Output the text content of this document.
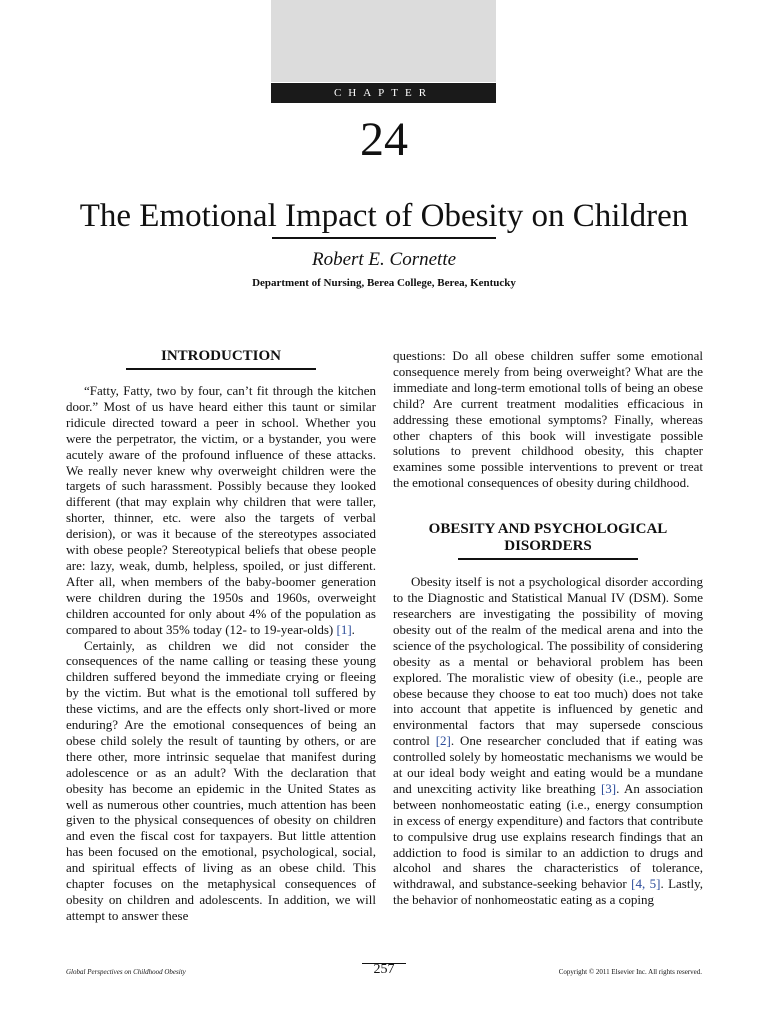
CHAPTER
24
The Emotional Impact of Obesity on Children
Robert E. Cornette
Department of Nursing, Berea College, Berea, Kentucky
INTRODUCTION

“Fatty, Fatty, two by four, can’t fit through the kitchen door.” Most of us have heard either this taunt or similar ridicule directed toward a peer in school. Whether you were the perpetrator, the victim, or a bystander, you were acutely aware of the profound influence of these attacks. We really never knew why overweight children were the targets of such harassment. Possibly because they looked different (that may explain why children that were taller, shorter, thinner, etc. were also the targets of verbal derision), or was it because of the stereotypes associated with obese people? Stereotypical beliefs that obese people are: lazy, weak, dumb, helpless, spoiled, or just different. After all, when members of the baby-boomer generation were children during the 1950s and 1960s, overweight children accounted for only about 4% of the population as compared to about 35% today (12- to 19-year-olds) [1].

Certainly, as children we did not consider the consequences of the name calling or teasing these young children suffered beyond the immediate crying or fleeing by the victim. But what is the emotional toll suffered by these victims, and are the effects only short-lived or more enduring? Are the emotional consequences of being an obese child solely the result of taunting by others, or are there other, more intrinsic sequelae that manifest during adolescence or as an adult? With the declaration that obesity has become an epidemic in the United States as well as numerous other countries, much attention has been given to the physical consequences of obesity on children and even the fiscal cost for taxpayers. But little attention has been focused on the emotional, psychological, social, and spiritual effects of living as an obese child. This chapter focuses on the metaphysical consequences of obesity on children and adolescents. In addition, we will attempt to answer these

questions: Do all obese children suffer some emotional consequence merely from being overweight? What are the immediate and long-term emotional tolls of being an obese child? Are current treatment modalities efficacious in addressing these emotional symptoms? Finally, whereas other chapters of this book will investigate possible solutions to prevent childhood obesity, this chapter examines some possible interventions to prevent or treat the emotional consequences of obesity during childhood.

OBESITY AND PSYCHOLOGICAL
DISORDERS

Obesity itself is not a psychological disorder according to the Diagnostic and Statistical Manual IV (DSM). Some researchers are investigating the possibility of moving obesity out of the realm of the medical arena and into the science of the psychological. The possibility of considering obesity as a mental or behavioral problem has been explored. The moralistic view of obesity (i.e., people are obese because they choose to eat too much) does not take into account that appetite is influenced by genetic and environmental factors that may supersede conscious control [2]. One researcher concluded that if eating was controlled solely by homeostatic mechanisms we would be at our ideal body weight and eating would be a mundane and unexciting activity like breathing [3]. An association between nonhomeostatic eating (i.e., energy consumption in excess of energy expenditure) and factors that contribute to compulsive drug use explains research findings that an addiction to food is similar to an addiction to drugs and alcohol and shares the characteristics of tolerance, withdrawal, and substance-seeking behavior [4, 5]. Lastly, the behavior of nonhomeostatic eating as a coping

Global Perspectives on Childhood Obesity	257	Copyright © 2011 Elsevier Inc. All rights reserved.
